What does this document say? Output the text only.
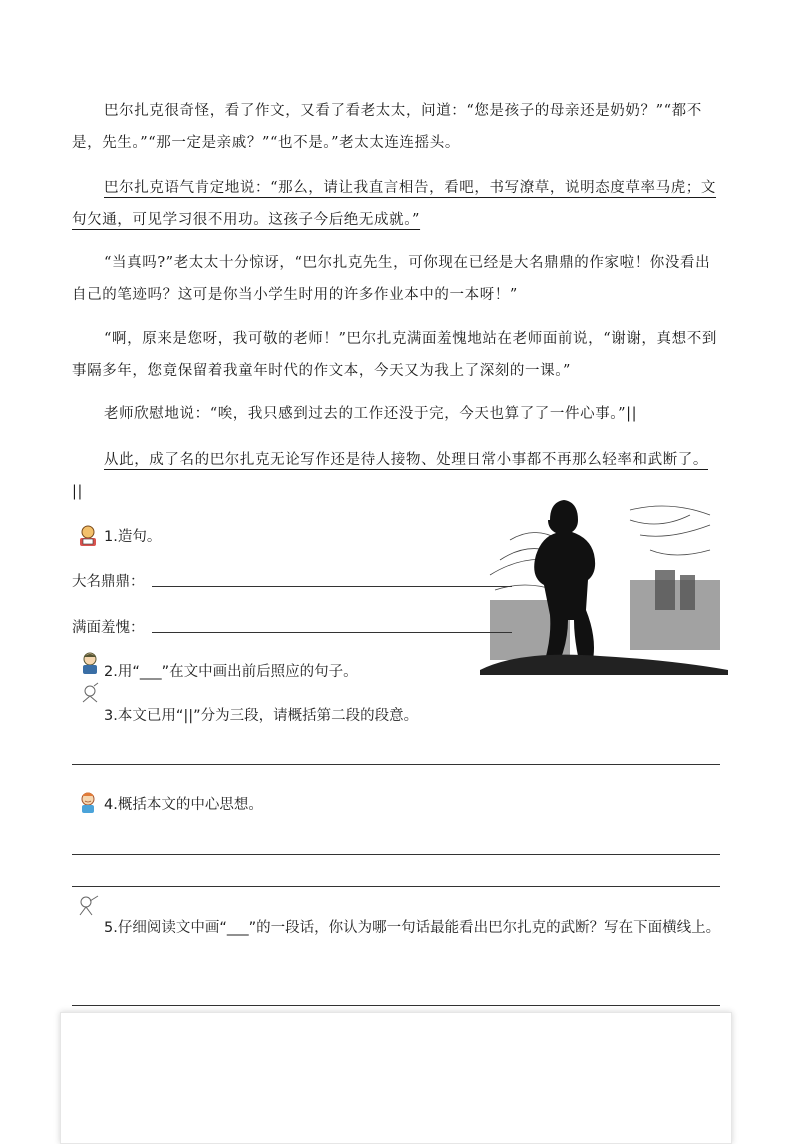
巴尔扎克很奇怪，看了作文，又看了看老太太，问道：“您是孩子的母亲还是奶奶？”“都不是，先生。”“那一定是亲戚？”“也不是。”老太太连连摇头。
巴尔扎克语气肯定地说：“那么，请让我直言相告，看吧，书写潦草，说明态度草率马虎；文句欠通，可见学习很不用功。这孩子今后绝无成就。”
“当真吗?”老太太十分惊讶，“巴尔扎克先生，可你现在已经是大名鼎鼎的作家啦！你没看出自己的笔迹吗？这可是你当小学生时用的许多作业本中的一本呀！”
“啊，原来是您呀，我可敬的老师！”巴尔扎克满面羞愧地站在老师面前说，“谢谢，真想不到事隔多年，您竟保留着我童年时代的作文本，今天又为我上了深刻的一课。”
老师欣慰地说：“唉，我只感到过去的工作还没于完，今天也算了了一件心事。”||
从此，成了名的巴尔扎克无论写作还是待人接物、处理日常小事都不再那么轻率和武断了。
||
1.造句。
大名鼎鼎：
满面羞愧：
2.用“___”在文中画出前后照应的句子。
3.本文已用“||”分为三段，请概括第二段的段意。
4.概括本文的中心思想。
5.仔细阅读文中画“___”的一段话，你认为哪一句话最能看出巴尔扎克的武断？写在下面横线上。
